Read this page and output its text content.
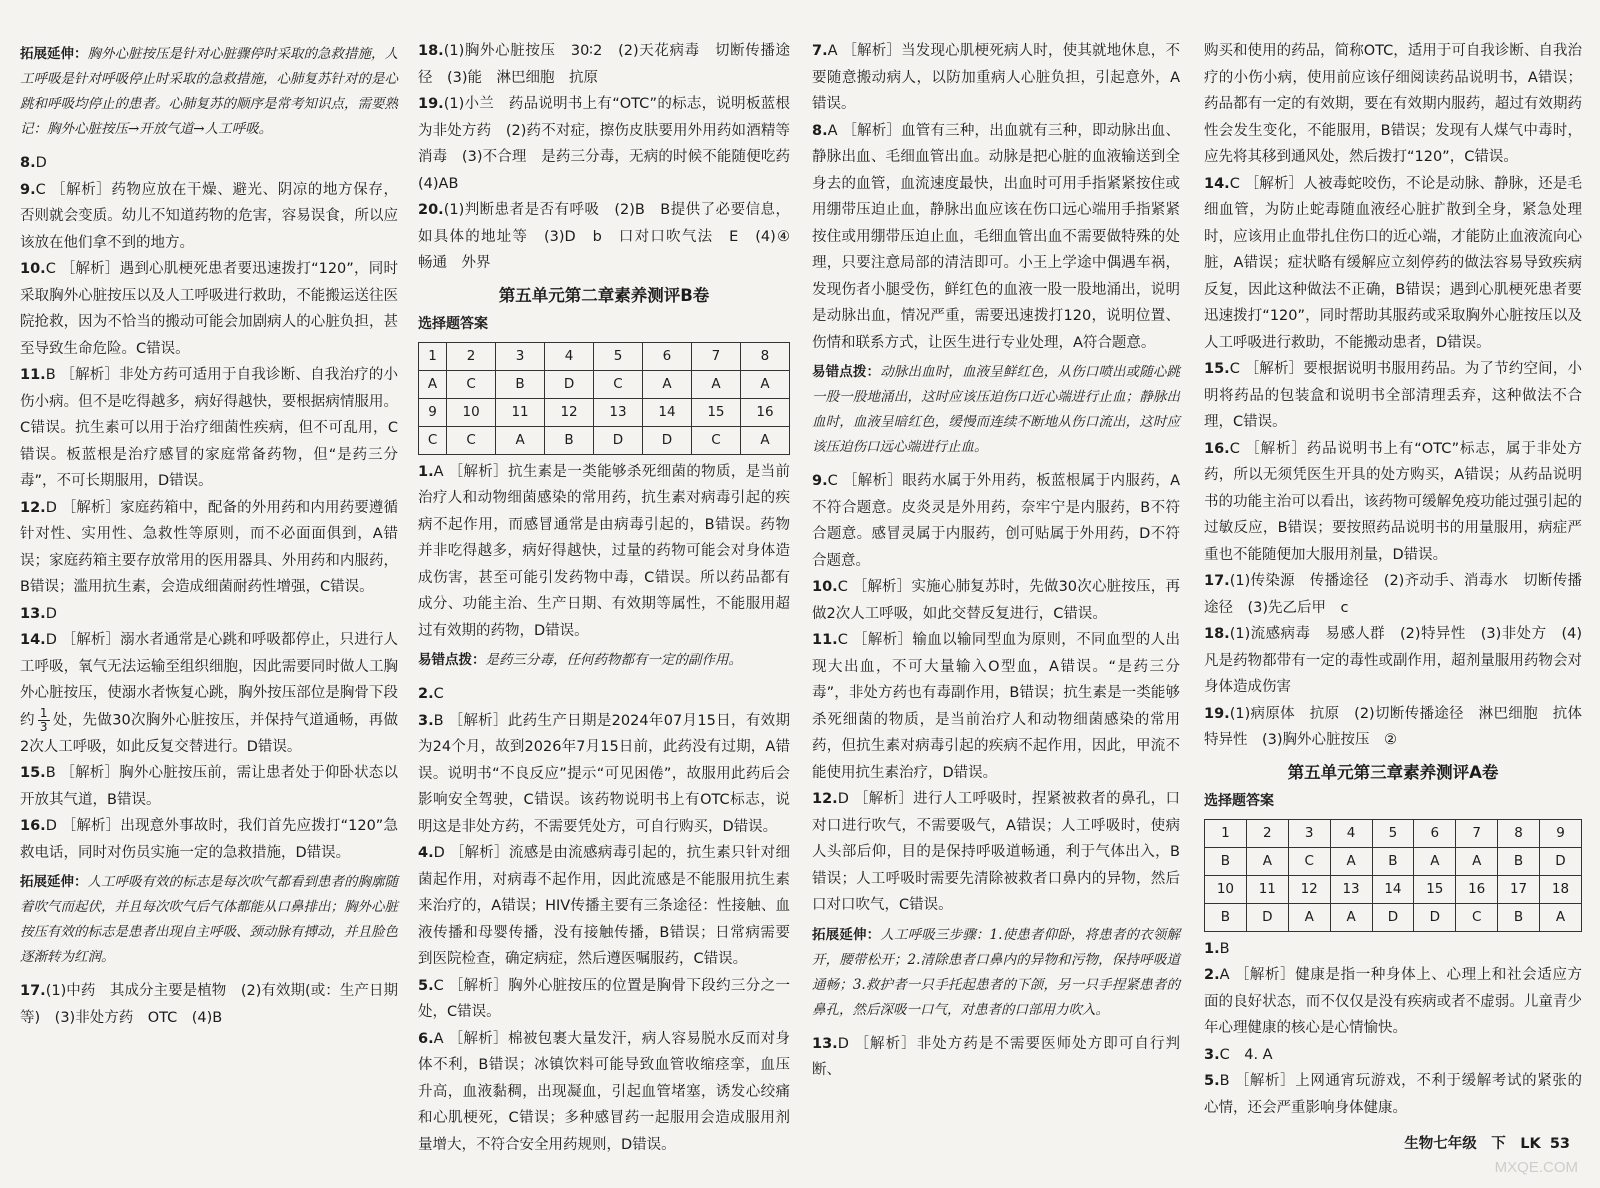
拓展延伸：胸外心脏按压是针对心脏骤停时采取的急救措施，人工呼吸是针对呼吸停止时采取的急救措施，心肺复苏针对的是心跳和呼吸均停止的患者。心肺复苏的顺序是常考知识点，需要熟记：胸外心脏按压→开放气道→人工呼吸。

8.D

9.C ［解析］药物应放在干燥、避光、阴凉的地方保存，否则就会变质。幼儿不知道药物的危害，容易误食，所以应该放在他们拿不到的地方。

10.C ［解析］遇到心肌梗死患者要迅速拨打“120”，同时采取胸外心脏按压以及人工呼吸进行救助，不能搬运送往医院抢救，因为不恰当的搬动可能会加剧病人的心脏负担，甚至导致生命危险。C错误。

11.B ［解析］非处方药可适用于自我诊断、自我治疗的小伤小病。但不是吃得越多，病好得越快，要根据病情服用。C错误。抗生素可以用于治疗细菌性疾病，但不可乱用，C错误。板蓝根是治疗感冒的家庭常备药物，但“是药三分毒”，不可长期服用，D错误。

12.D ［解析］家庭药箱中，配备的外用药和内用药要遵循针对性、实用性、急救性等原则，而不必面面俱到，A错误；家庭药箱主要存放常用的医用器具、外用药和内服药，B错误；滥用抗生素，会造成细菌耐药性增强，C错误。

13.D

14.D ［解析］溺水者通常是心跳和呼吸都停止，只进行人工呼吸，氧气无法运输至组织细胞，因此需要同时做人工胸外心脏按压，使溺水者恢复心跳，胸外按压部位是胸骨下段约 $\frac{1}{3}$ 处，先做30次胸外心脏按压，并保持气道通畅，再做2次人工呼吸，如此反复交替进行。D错误。

15.B ［解析］胸外心脏按压前，需让患者处于仰卧状态以开放其气道，B错误。

16.D ［解析］出现意外事故时，我们首先应拨打“120”急救电话，同时对伤员实施一定的急救措施，D错误。

拓展延伸：人工呼吸有效的标志是每次吹气都看到患者的胸廓随着吹气而起伏，并且每次吹气后气体都能从口鼻排出；胸外心脏按压有效的标志是患者出现自主呼吸、颈动脉有搏动，并且脸色逐渐转为红润。

17.(1)中药　其成分主要是植物　(2)有效期(或：生产日期等)　(3)非处方药　OTC　(4)B

18.(1)胸外心脏按压　30∶2　(2)天花病毒　切断传播途径　(3)能　淋巴细胞　抗原

19.(1)小兰　药品说明书上有“OTC”的标志，说明板蓝根为非处方药　(2)药不对症，擦伤皮肤要用外用药如酒精等消毒　(3)不合理　是药三分毒，无病的时候不能随便吃药　(4)AB

20.(1)判断患者是否有呼吸　(2)B　B提供了必要信息，如具体的地址等　(3)D　b　口对口吹气法　E　(4)④　畅通　外界

第五单元第二章素养测评B卷

选择题答案

1	2	3	4	5	6	7	8
A	C	B	D	C	A	A	A
9	10	11	12	13	14	15	16
C	C	A	B	D	D	C	A

1.A ［解析］抗生素是一类能够杀死细菌的物质，是当前治疗人和动物细菌感染的常用药，抗生素对病毒引起的疾病不起作用，而感冒通常是由病毒引起的，B错误。药物并非吃得越多，病好得越快，过量的药物可能会对身体造成伤害，甚至可能引发药物中毒，C错误。所以药品都有成分、功能主治、生产日期、有效期等属性，不能服用超过有效期的药物，D错误。

易错点拨：是药三分毒，任何药物都有一定的副作用。

2.C

3.B ［解析］此药生产日期是2024年07月15日，有效期为24个月，故到2026年7月15日前，此药没有过期，A错误。说明书“不良反应”提示“可见困倦”，故服用此药后会影响安全驾驶，C错误。该药物说明书上有OTC标志，说明这是非处方药，不需要凭处方，可自行购买，D错误。

4.D ［解析］流感是由流感病毒引起的，抗生素只针对细菌起作用，对病毒不起作用，因此流感是不能服用抗生素来治疗的，A错误；HIV传播主要有三条途径：性接触、血液传播和母婴传播，没有接触传播，B错误；日常病需要到医院检查，确定病症，然后遵医嘱服药，C错误。

5.C ［解析］胸外心脏按压的位置是胸骨下段约三分之一处，C错误。

6.A ［解析］棉被包裹大量发汗，病人容易脱水反而对身体不利，B错误；冰镇饮料可能导致血管收缩痉挛，血压升高，血液黏稠，出现凝血，引起血管堵塞，诱发心绞痛和心肌梗死，C错误；多种感冒药一起服用会造成服用剂量增大，不符合安全用药规则，D错误。

7.A ［解析］当发现心肌梗死病人时，使其就地休息，不要随意搬动病人，以防加重病人心脏负担，引起意外，A错误。

8.A ［解析］血管有三种，出血就有三种，即动脉出血、静脉出血、毛细血管出血。动脉是把心脏的血液输送到全身去的血管，血流速度最快，出血时可用手指紧紧按住或用绷带压迫止血，静脉出血应该在伤口远心端用手指紧紧按住或用绷带压迫止血，毛细血管出血不需要做特殊的处理，只要注意局部的清洁即可。小王上学途中偶遇车祸，发现伤者小腿受伤，鲜红色的血液一股一股地涌出，说明是动脉出血，情况严重，需要迅速拨打120，说明位置、伤情和联系方式，让医生进行专业处理，A符合题意。

易错点拨：动脉出血时，血液呈鲜红色，从伤口喷出或随心跳一股一股地涌出，这时应该压迫伤口近心端进行止血；静脉出血时，血液呈暗红色，缓慢而连续不断地从伤口流出，这时应该压迫伤口远心端进行止血。

9.C ［解析］眼药水属于外用药，板蓝根属于内服药，A不符合题意。皮炎灵是外用药，奈牢宁是内服药，B不符合题意。感冒灵属于内服药，创可贴属于外用药，D不符合题意。

10.C ［解析］实施心肺复苏时，先做30次心脏按压，再做2次人工呼吸，如此交替反复进行，C错误。

11.C ［解析］输血以输同型血为原则，不同血型的人出现大出血，不可大量输入O型血，A错误。“是药三分毒”，非处方药也有毒副作用，B错误；抗生素是一类能够杀死细菌的物质，是当前治疗人和动物细菌感染的常用药，但抗生素对病毒引起的疾病不起作用，因此，甲流不能使用抗生素治疗，D错误。

12.D ［解析］进行人工呼吸时，捏紧被救者的鼻孔，口对口进行吹气，不需要吸气，A错误；人工呼吸时，使病人头部后仰，目的是保持呼吸道畅通，利于气体出入，B错误；人工呼吸时需要先清除被救者口鼻内的异物，然后口对口吹气，C错误。

拓展延伸：人工呼吸三步骤：1.使患者仰卧，将患者的衣领解开，腰带松开；2.清除患者口鼻内的异物和污物，保持呼吸道通畅；3.救护者一只手托起患者的下颌，另一只手捏紧患者的鼻孔，然后深吸一口气，对患者的口部用力吹入。

13.D ［解析］非处方药是不需要医师处方即可自行判断、

购买和使用的药品，简称OTC，适用于可自我诊断、自我治疗的小伤小病，使用前应该仔细阅读药品说明书，A错误；药品都有一定的有效期，要在有效期内服药，超过有效期药性会发生变化，不能服用，B错误；发现有人煤气中毒时，应先将其移到通风处，然后拨打“120”，C错误。

14.C ［解析］人被毒蛇咬伤，不论是动脉、静脉，还是毛细血管，为防止蛇毒随血液经心脏扩散到全身，紧急处理时，应该用止血带扎住伤口的近心端，才能防止血液流向心脏，A错误；症状略有缓解应立刻停药的做法容易导致疾病反复，因此这种做法不正确，B错误；遇到心肌梗死患者要迅速拨打“120”，同时帮助其服药或采取胸外心脏按压以及人工呼吸进行救助，不能搬动患者，D错误。

15.C ［解析］要根据说明书服用药品。为了节约空间，小明将药品的包装盒和说明书全部清理丢弃，这种做法不合理，C错误。

16.C ［解析］药品说明书上有“OTC”标志，属于非处方药，所以无须凭医生开具的处方购买，A错误；从药品说明书的功能主治可以看出，该药物可缓解免疫功能过强引起的过敏反应，B错误；要按照药品说明书的用量服用，病症严重也不能随便加大服用剂量，D错误。

17.(1)传染源　传播途径　(2)齐动手、消毒水　切断传播途径　(3)先乙后甲　c

18.(1)流感病毒　易感人群　(2)特异性　(3)非处方　(4)凡是药物都带有一定的毒性或副作用，超剂量服用药物会对身体造成伤害

19.(1)病原体　抗原　(2)切断传播途径　淋巴细胞　抗体　特异性　(3)胸外心脏按压　②

第五单元第三章素养测评A卷

选择题答案

1	2	3	4	5	6	7	8	9
B	A	C	A	B	A	A	B	D
10	11	12	13	14	15	16	17	18
B	D	A	A	D	D	C	B	A

1.B

2.A ［解析］健康是指一种身体上、心理上和社会适应方面的良好状态，而不仅仅是没有疾病或者不虚弱。儿童青少年心理健康的核心是心情愉快。

3.C　4. A

5.B ［解析］上网通宵玩游戏，不利于缓解考试的紧张的心情，还会严重影响身体健康。

MXQE.COM
生物七年级　下　LK 53
